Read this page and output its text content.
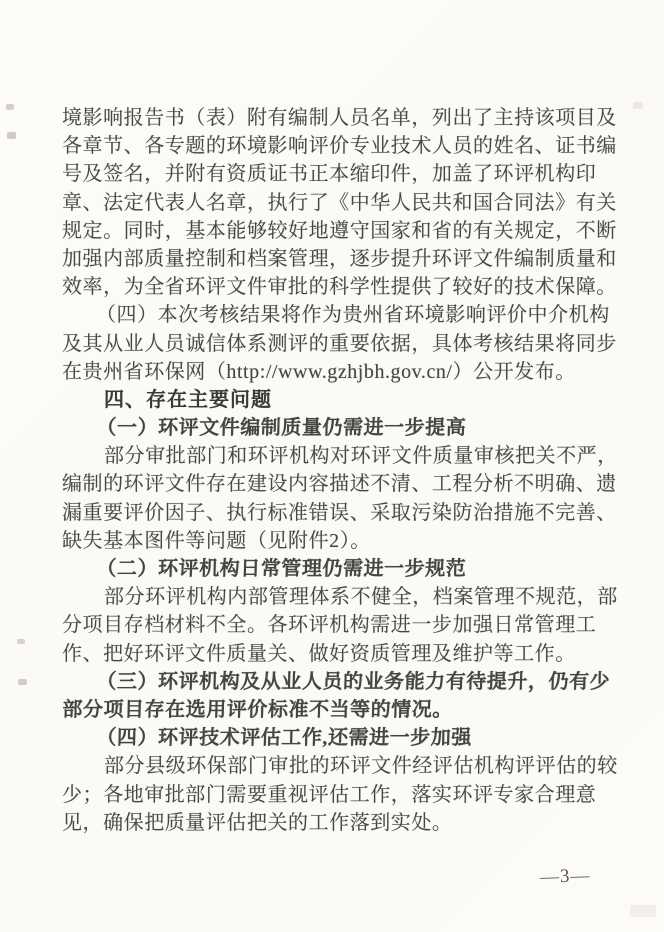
境影响报告书（表）附有编制人员名单，列出了主持该项目及
各章节、各专题的环境影响评价专业技术人员的姓名、证书编
号及签名，并附有资质证书正本缩印件，加盖了环评机构印
章、法定代表人名章，执行了《中华人民共和国合同法》有关
规定。同时，基本能够较好地遵守国家和省的有关规定，不断
加强内部质量控制和档案管理，逐步提升环评文件编制质量和
效率，为全省环评文件审批的科学性提供了较好的技术保障。
（四）本次考核结果将作为贵州省环境影响评价中介机构
及其从业人员诚信体系测评的重要依据，具体考核结果将同步
在贵州省环保网（http://www.gzhjbh.gov.cn/）公开发布。
四、存在主要问题
（一）环评文件编制质量仍需进一步提高
部分审批部门和环评机构对环评文件质量审核把关不严，
编制的环评文件存在建设内容描述不清、工程分析不明确、遗
漏重要评价因子、执行标准错误、采取污染防治措施不完善、
缺失基本图件等问题（见附件2）。
（二）环评机构日常管理仍需进一步规范
部分环评机构内部管理体系不健全，档案管理不规范，部
分项目存档材料不全。各环评机构需进一步加强日常管理工
作、把好环评文件质量关、做好资质管理及维护等工作。
（三）环评机构及从业人员的业务能力有待提升，仍有少
部分项目存在选用评价标准不当等的情况。
（四）环评技术评估工作,还需进一步加强
部分县级环保部门审批的环评文件经评估机构评评估的较
少；各地审批部门需要重视评估工作，落实环评专家合理意
见，确保把质量评估把关的工作落到实处。
—3—
